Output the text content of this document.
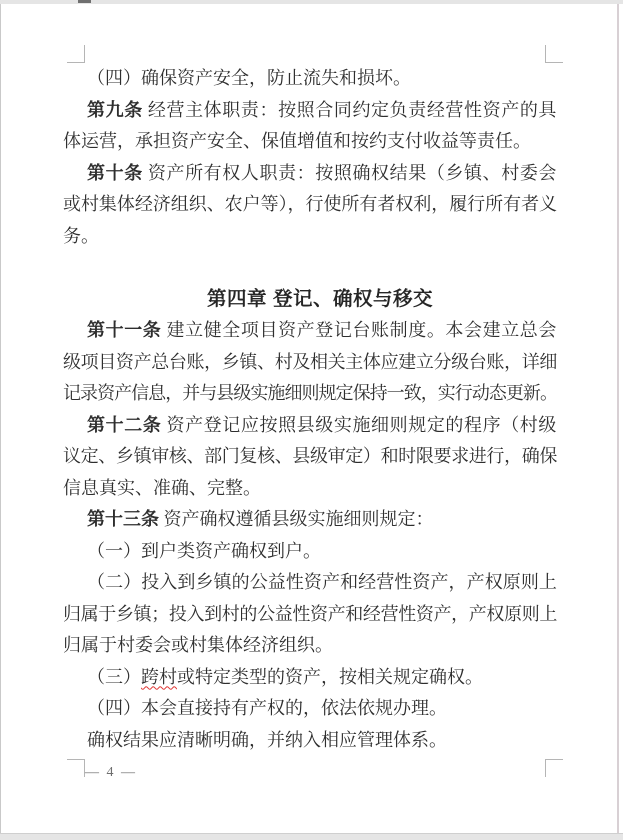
（四）确保资产安全，防止流失和损坏。
第九条 经营主体职责：按照合同约定负责经营性资产的具
体运营，承担资产安全、保值增值和按约支付收益等责任。
第十条 资产所有权人职责：按照确权结果（乡镇、村委会
或村集体经济组织、农户等），行使所有者权利，履行所有者义
务。
第四章 登记、确权与移交
第十一条 建立健全项目资产登记台账制度。本会建立总会
级项目资产总台账，乡镇、村及相关主体应建立分级台账，详细
记录资产信息，并与县级实施细则规定保持一致，实行动态更新。
第十二条 资产登记应按照县级实施细则规定的程序（村级
议定、乡镇审核、部门复核、县级审定）和时限要求进行，确保
信息真实、准确、完整。
第十三条 资产确权遵循县级实施细则规定：
（一）到户类资产确权到户。
（二）投入到乡镇的公益性资产和经营性资产，产权原则上
归属于乡镇；投入到村的公益性资产和经营性资产，产权原则上
归属于村委会或村集体经济组织。
（三）跨村或特定类型的资产，按相关规定确权。
（四）本会直接持有产权的，依法依规办理。
确权结果应清晰明确，并纳入相应管理体系。
— 4 —
